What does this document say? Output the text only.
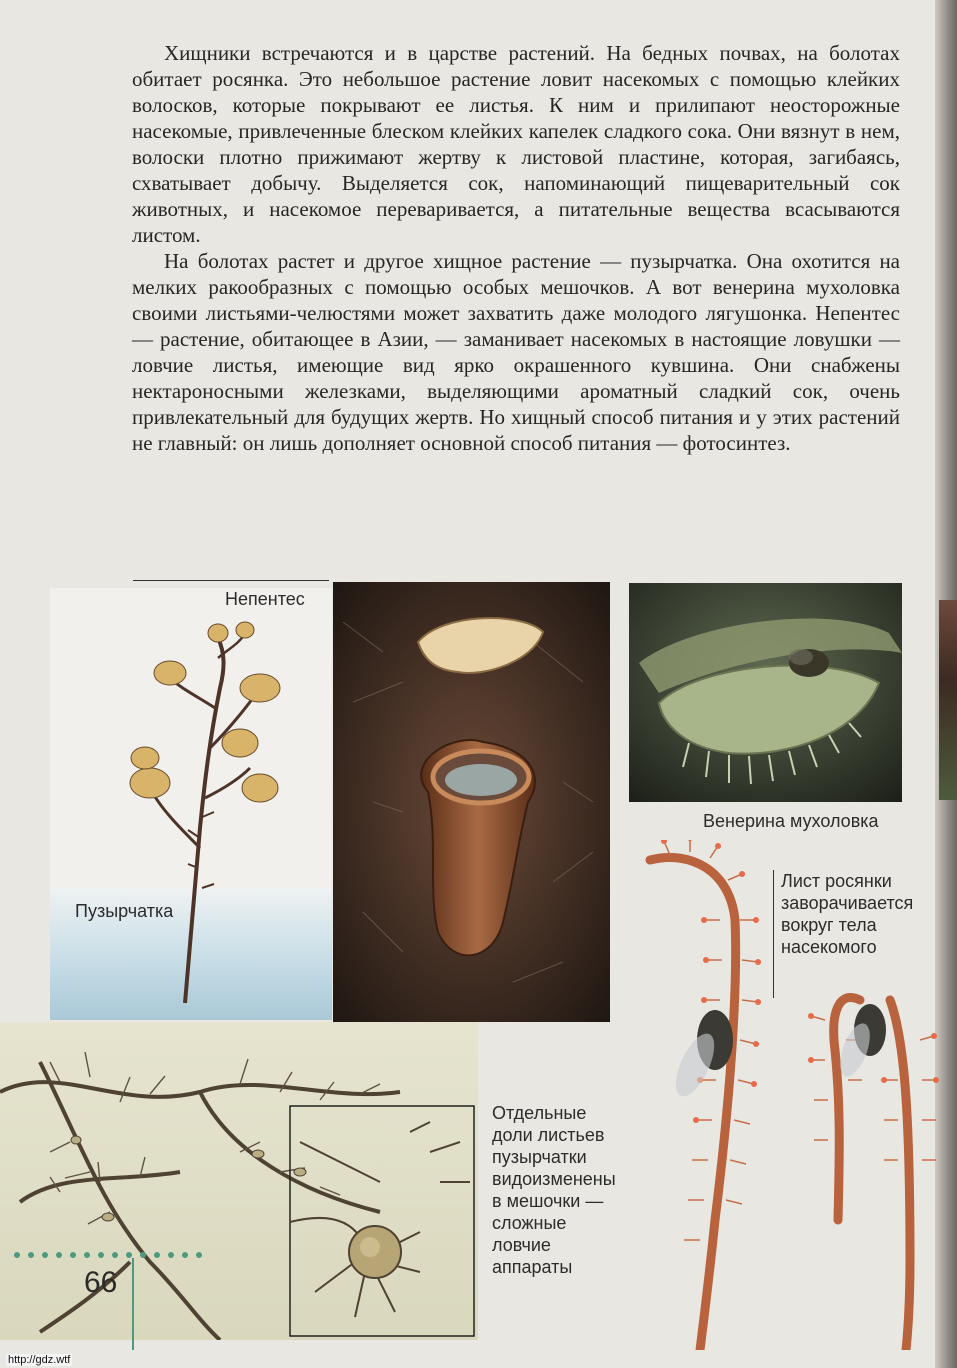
Хищники встречаются и в царстве растений. На бедных почвах, на болотах обитает росянка. Это небольшое растение ловит насекомых с помощью клейких волосков, которые покрывают ее листья. К ним и прилипают неосторожные насекомые, привлеченные блеском клейких капелек сладкого сока. Они вязнут в нем, волоски плотно прижимают жертву к листовой пластине, которая, загибаясь, схватывает добычу. Выделяется сок, напоминающий пищеварительный сок животных, и насекомое переваривается, а питательные вещества всасываются листом.

На болотах растет и другое хищное растение — пузырчатка. Она охотится на мелких ракообразных с помощью особых мешочков. А вот венерина мухоловка своими листьями-челюстями может захватить даже молодого лягушонка. Непентес — растение, обитающее в Азии, — заманивает насекомых в настоящие ловушки — ловчие листья, имеющие вид ярко окрашенного кувшина. Они снабжены нектароносными железками, выделяющими ароматный сладкий сок, очень привлекательный для будущих жертв. Но хищный способ питания и у этих растений не главный: он лишь дополняет основной способ питания — фотосинтез.

Непентес
Венерина мухоловка
Пузырчатка
Лист росянки
заворачивается
вокруг тела
насекомого
Отдельные
доли листьев
пузырчатки
видоизменены
в мешочки —
сложные
ловчие
аппараты
66
http://gdz.wtf
